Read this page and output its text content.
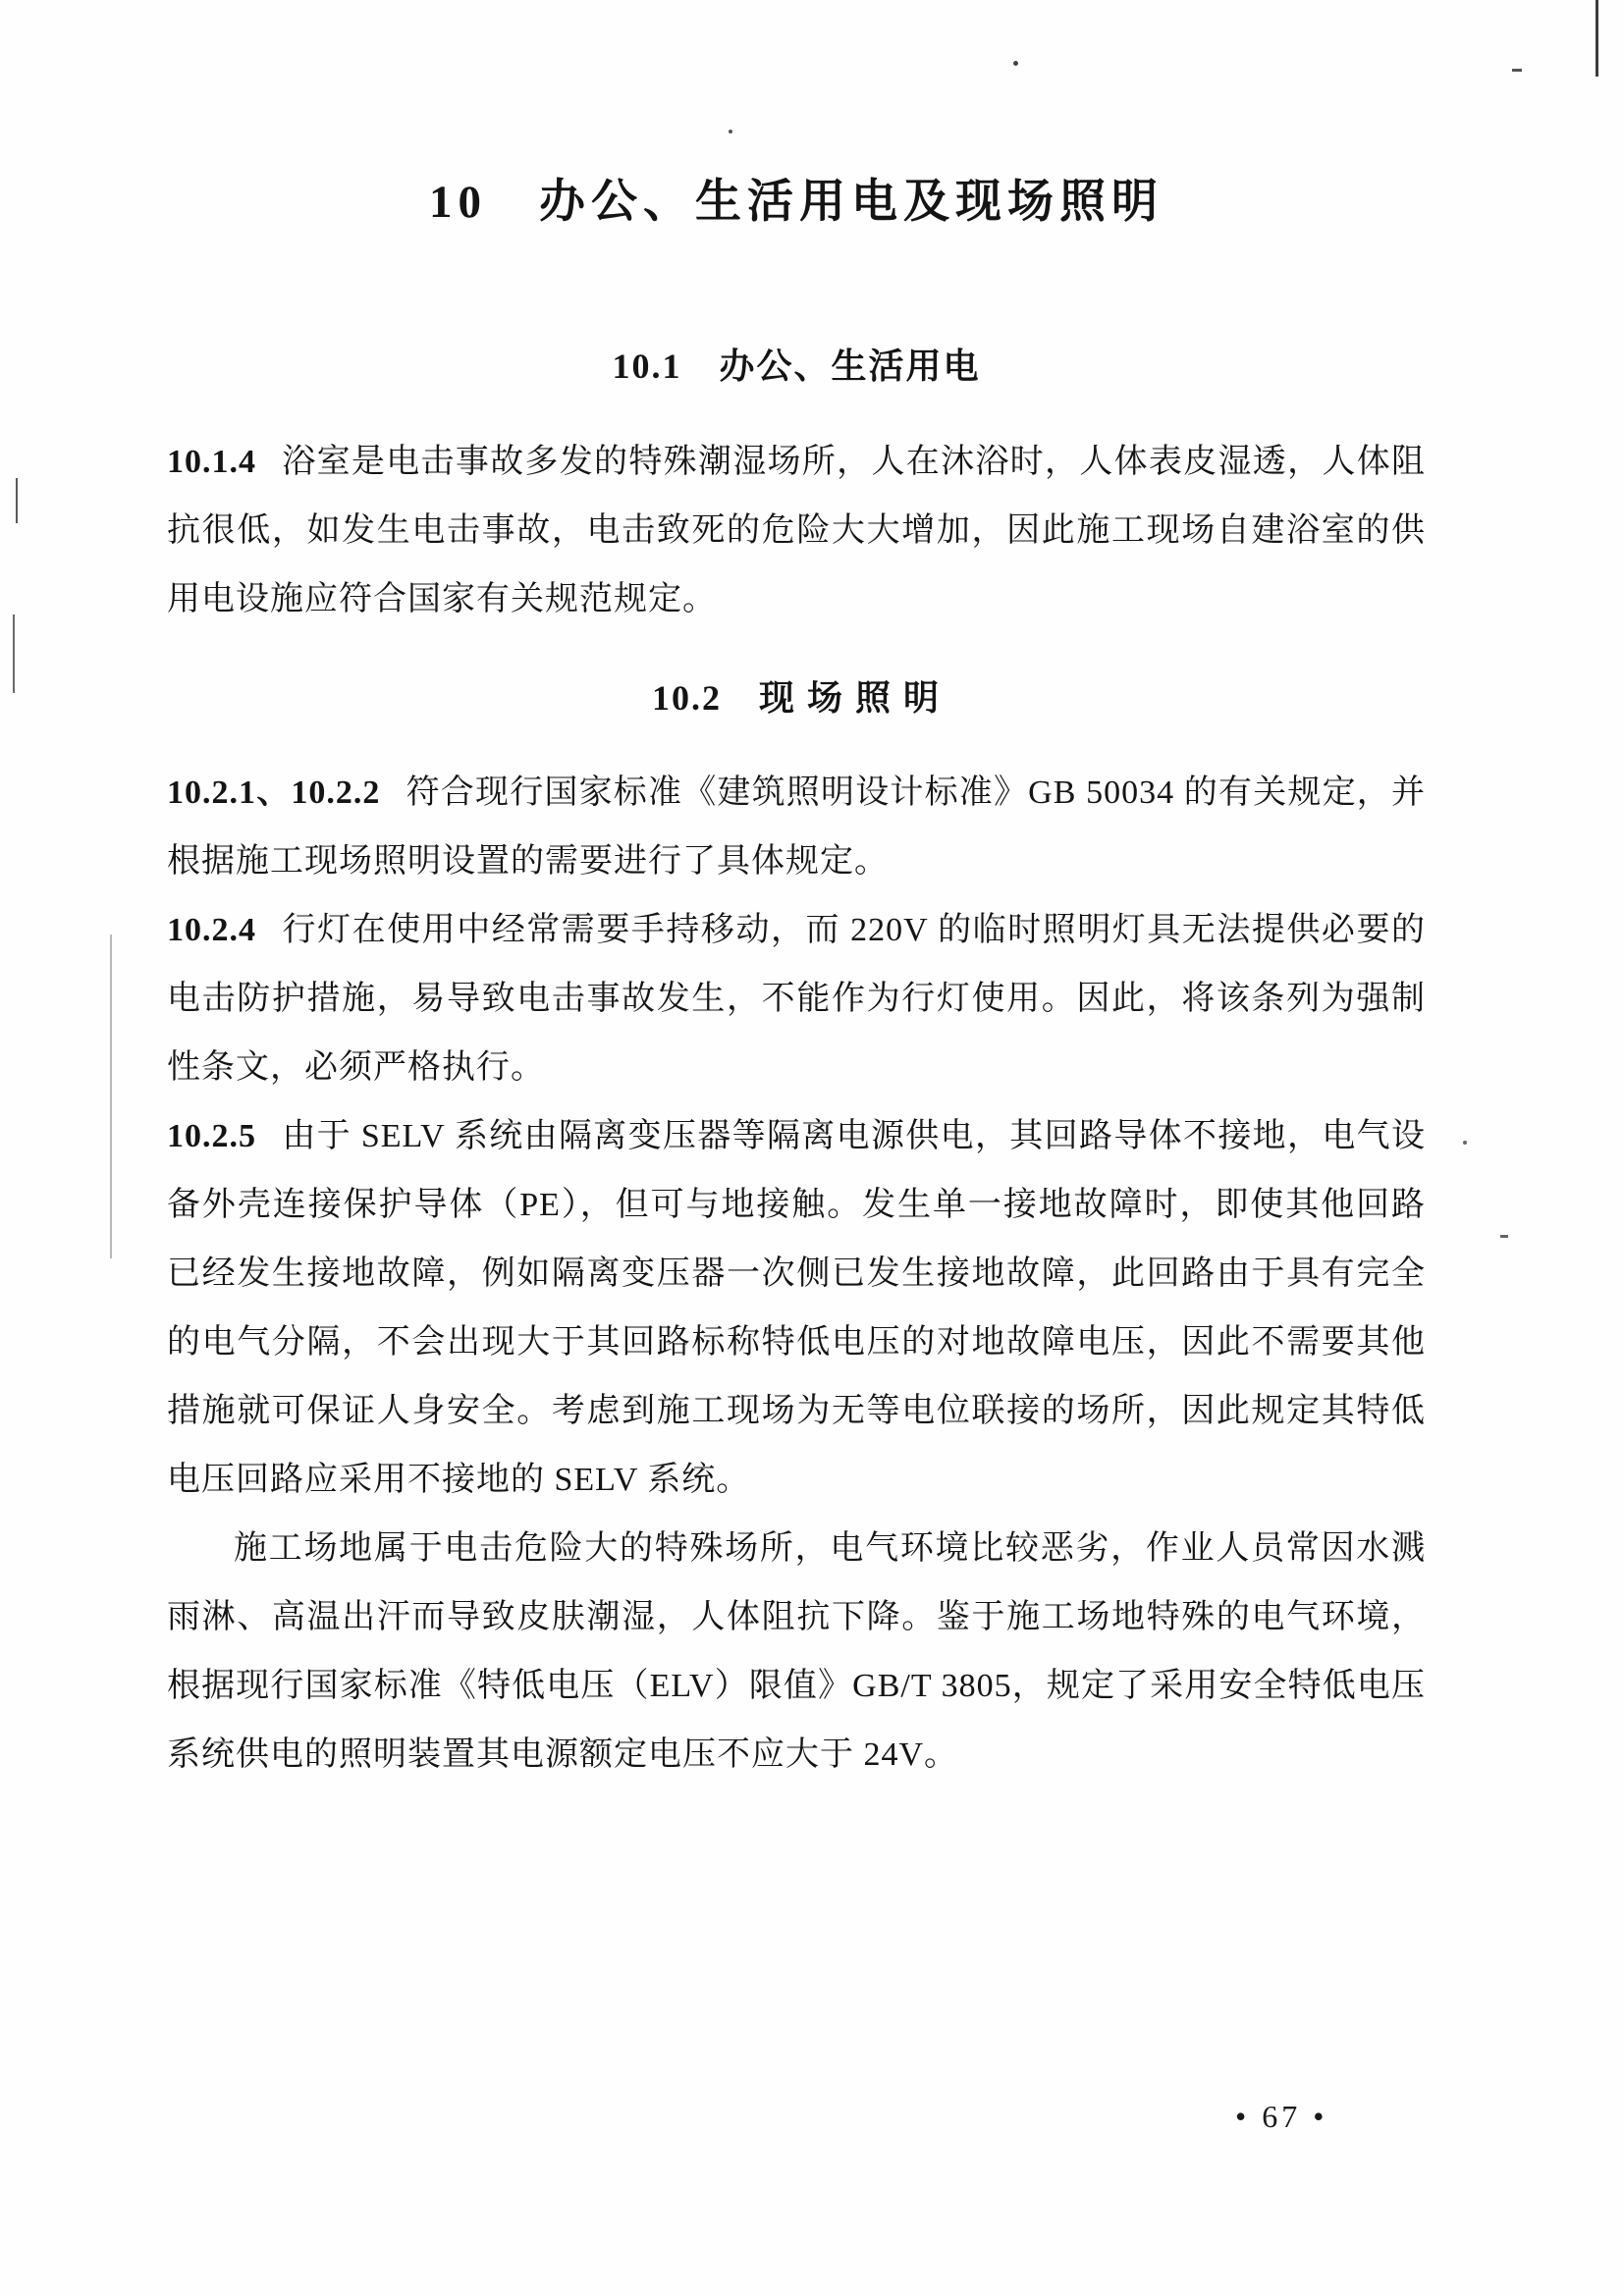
10　办公、生活用电及现场照明
10.1　办公、生活用电

10.1.4 浴室是电击事故多发的特殊潮湿场所，人在沐浴时，人体表皮湿透，人体阻抗很低，如发生电击事故，电击致死的危险大大增加，因此施工现场自建浴室的供用电设施应符合国家有关规范规定。

10.2　现 场 照 明

10.2.1、10.2.2 符合现行国家标准《建筑照明设计标准》GB 50034 的有关规定，并根据施工现场照明设置的需要进行了具体规定。

10.2.4 行灯在使用中经常需要手持移动，而 220V 的临时照明灯具无法提供必要的电击防护措施，易导致电击事故发生，不能作为行灯使用。因此，将该条列为强制性条文，必须严格执行。

10.2.5 由于 SELV 系统由隔离变压器等隔离电源供电，其回路导体不接地，电气设备外壳连接保护导体（PE），但可与地接触。发生单一接地故障时，即使其他回路已经发生接地故障，例如隔离变压器一次侧已发生接地故障，此回路由于具有完全的电气分隔，不会出现大于其回路标称特低电压的对地故障电压，因此不需要其他措施就可保证人身安全。考虑到施工现场为无等电位联接的场所，因此规定其特低电压回路应采用不接地的 SELV 系统。

施工场地属于电击危险大的特殊场所，电气环境比较恶劣，作业人员常因水溅雨淋、高温出汗而导致皮肤潮湿，人体阻抗下降。鉴于施工场地特殊的电气环境，根据现行国家标准《特低电压（ELV）限值》GB/T 3805，规定了采用安全特低电压系统供电的照明装置其电源额定电压不应大于 24V。

• 67 •
